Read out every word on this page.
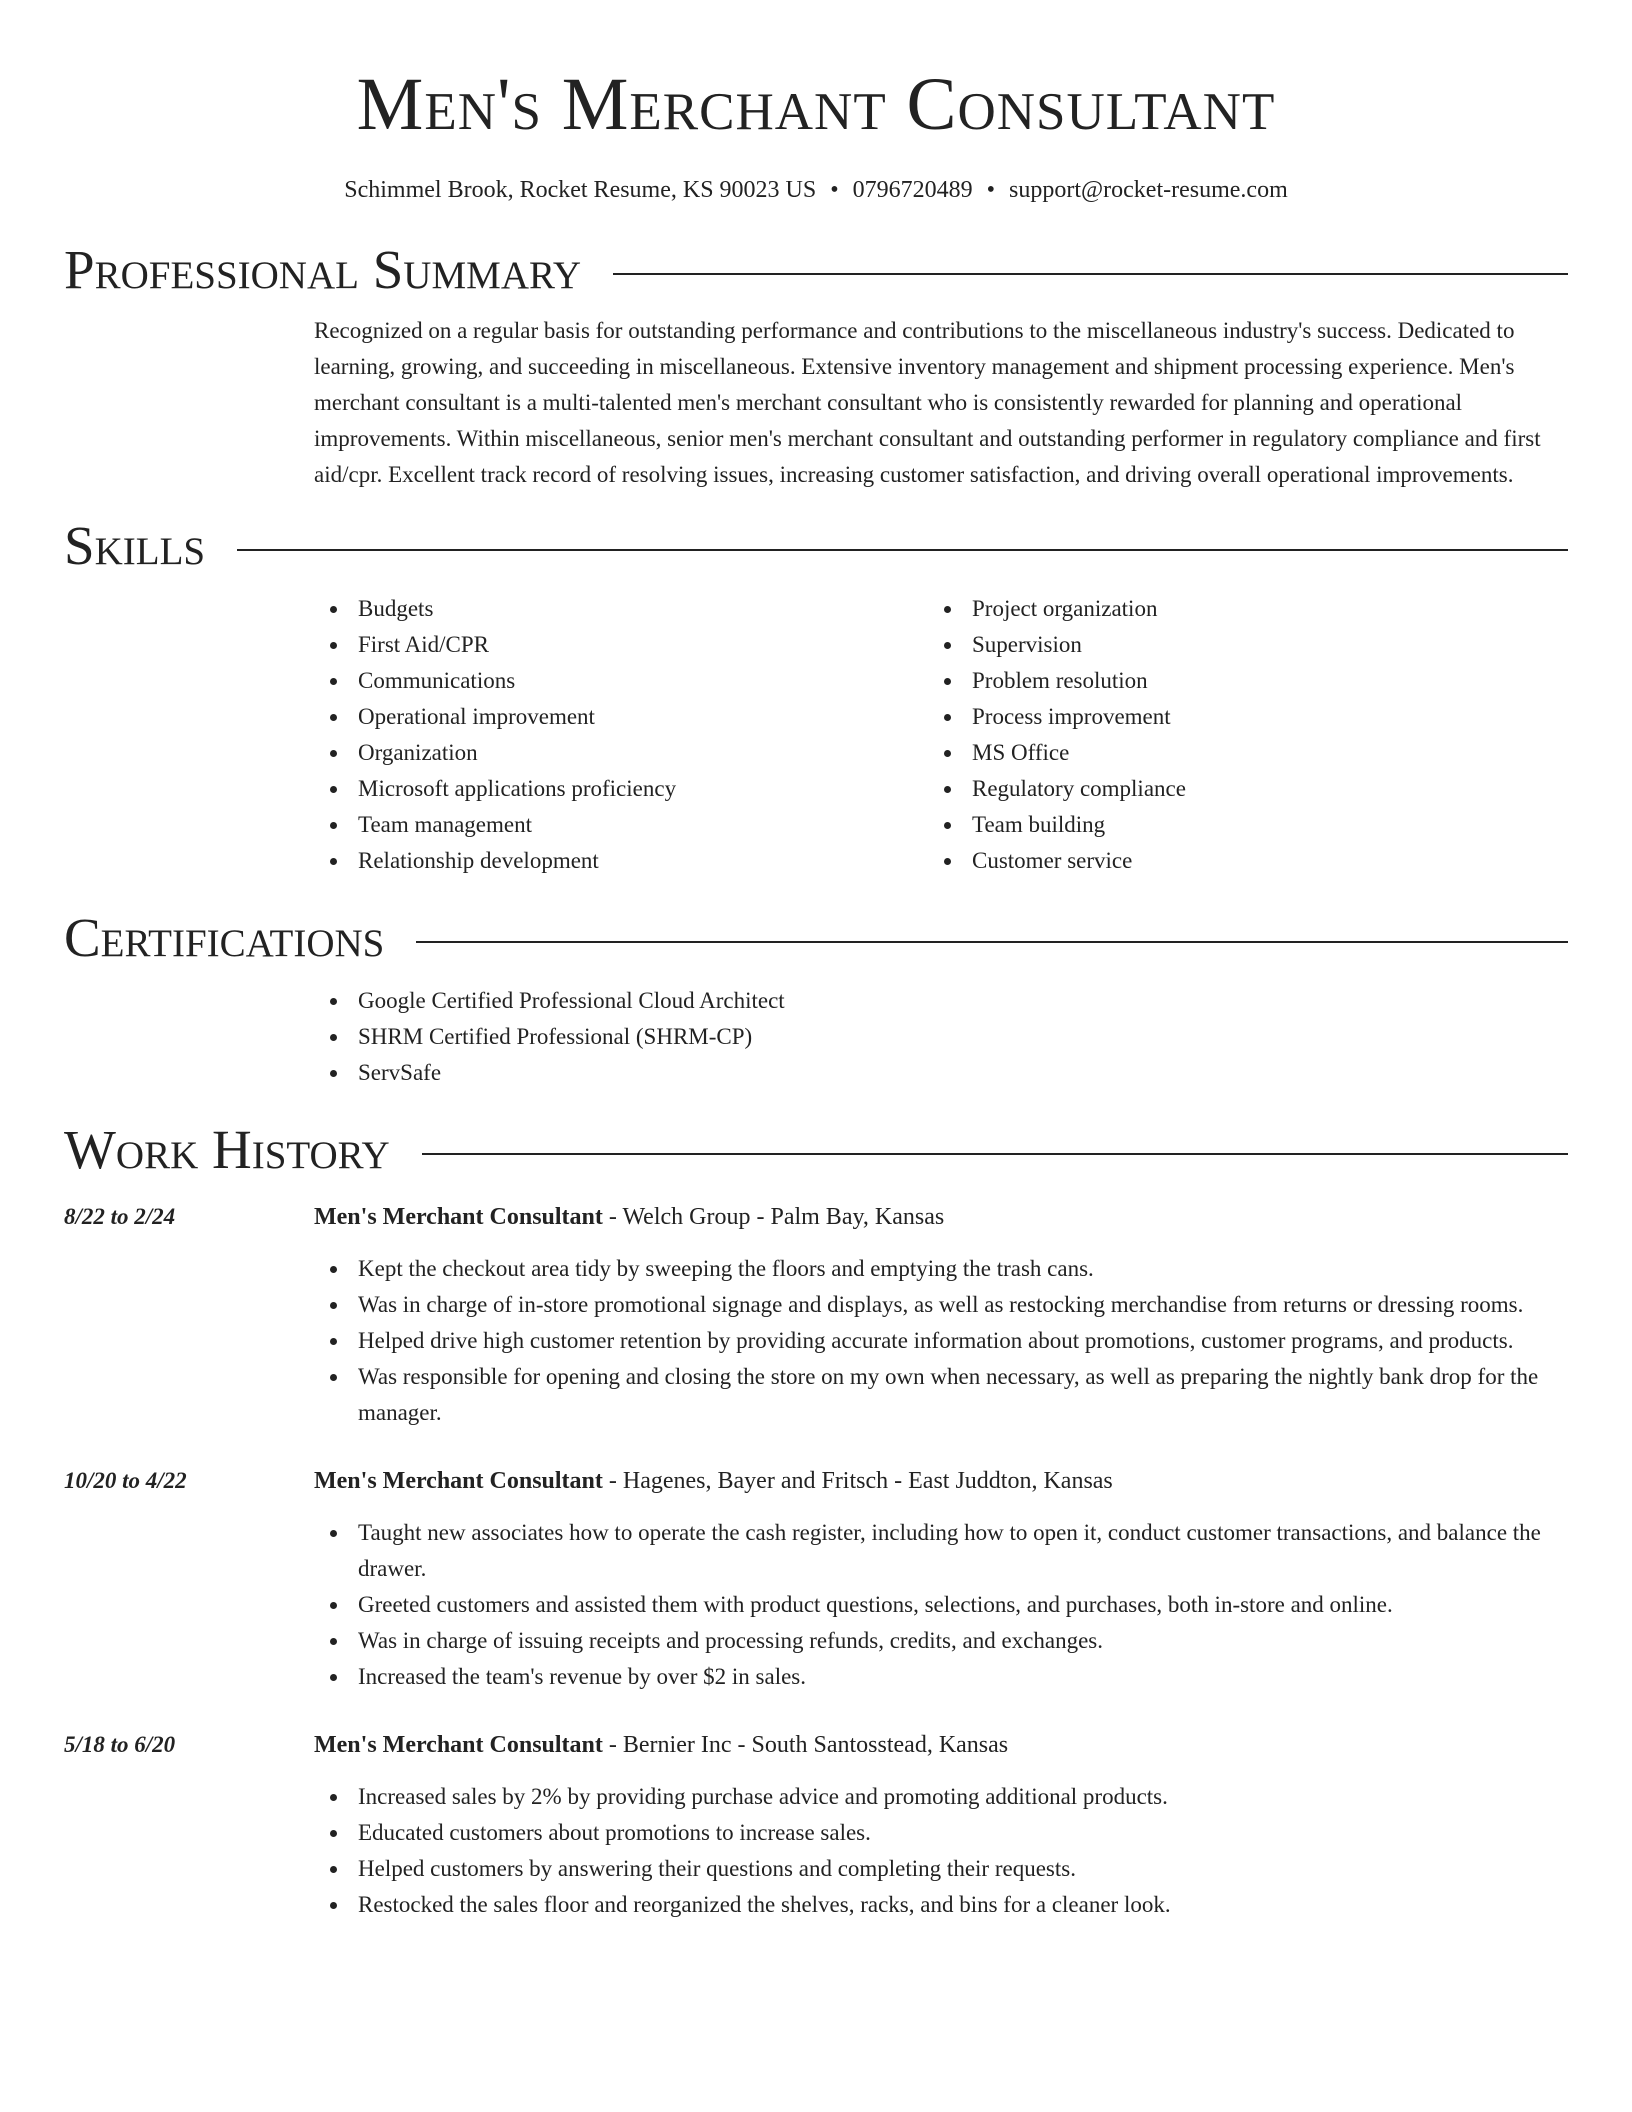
Men's Merchant Consultant
Schimmel Brook, Rocket Resume, KS 90023 US • 0796720489 • support@rocket-resume.com
Professional Summary

Recognized on a regular basis for outstanding performance and contributions to the miscellaneous industry's success. Dedicated to learning, growing, and succeeding in miscellaneous. Extensive inventory management and shipment processing experience. Men's merchant consultant is a multi-talented men's merchant consultant who is consistently rewarded for planning and operational improvements. Within miscellaneous, senior men's merchant consultant and outstanding performer in regulatory compliance and first aid/cpr. Excellent track record of resolving issues, increasing customer satisfaction, and driving overall operational improvements.

Skills
Budgets
First Aid/CPR
Communications
Operational improvement
Organization
Microsoft applications proficiency
Team management
Relationship development
Project organization
Supervision
Problem resolution
Process improvement
MS Office
Regulatory compliance
Team building
Customer service
Certifications
Google Certified Professional Cloud Architect
SHRM Certified Professional (SHRM-CP)
ServSafe
Work History
8/22 to 2/24	Men's Merchant Consultant - Welch Group - Palm Bay, Kansas
Kept the checkout area tidy by sweeping the floors and emptying the trash cans.
Was in charge of in-store promotional signage and displays, as well as restocking merchandise from returns or dressing rooms.
Helped drive high customer retention by providing accurate information about promotions, customer programs, and products.
Was responsible for opening and closing the store on my own when necessary, as well as preparing the nightly bank drop for the manager.
10/20 to 4/22	Men's Merchant Consultant - Hagenes, Bayer and Fritsch - East Juddton, Kansas
Taught new associates how to operate the cash register, including how to open it, conduct customer transactions, and balance the drawer.
Greeted customers and assisted them with product questions, selections, and purchases, both in-store and online.
Was in charge of issuing receipts and processing refunds, credits, and exchanges.
Increased the team's revenue by over $2 in sales.
5/18 to 6/20	Men's Merchant Consultant - Bernier Inc - South Santosstead, Kansas
Increased sales by 2% by providing purchase advice and promoting additional products.
Educated customers about promotions to increase sales.
Helped customers by answering their questions and completing their requests.
Restocked the sales floor and reorganized the shelves, racks, and bins for a cleaner look.
